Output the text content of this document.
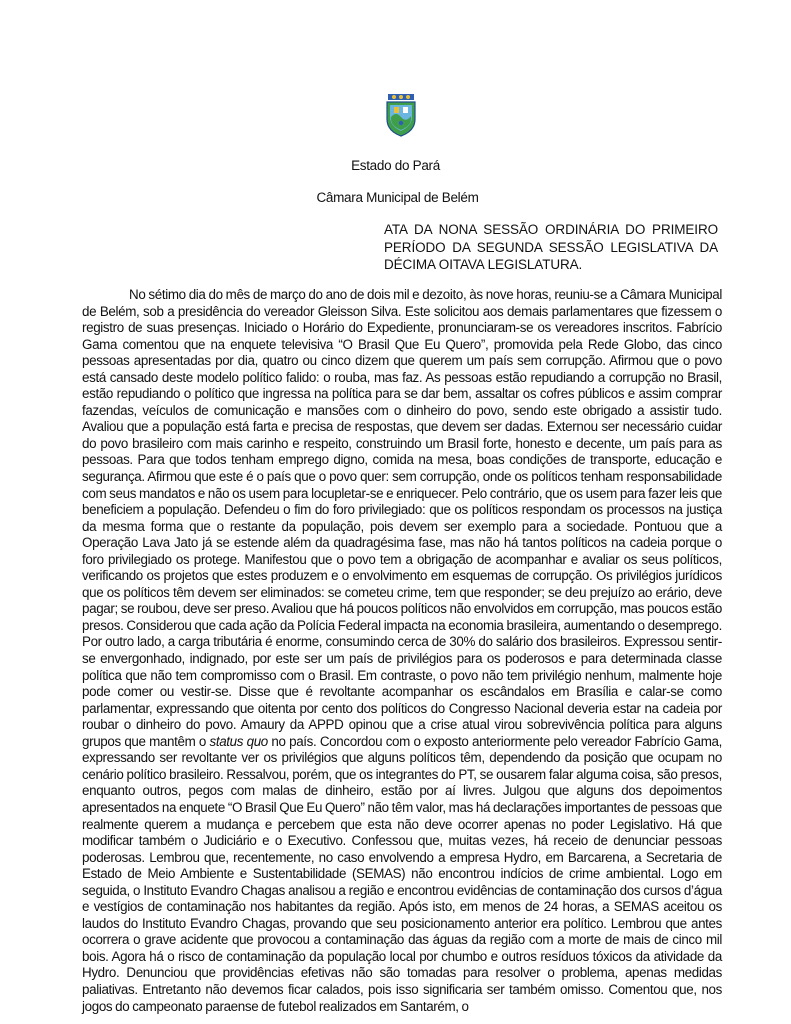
Estado do Pará
Câmara Municipal de Belém

ATA DA NONA SESSÃO ORDINÁRIA DO PRIMEIRO PERÍODO DA SEGUNDA SESSÃO LEGISLATIVA DA DÉCIMA OITAVA LEGISLATURA.

No sétimo dia do mês de março do ano de dois mil e dezoito, às nove horas, reuniu-se a Câmara Municipal de Belém, sob a presidência do vereador Gleisson Silva. Este solicitou aos demais parlamentares que fizessem o registro de suas presenças. Iniciado o Horário do Expediente, pronunciaram-se os vereadores inscritos. Fabrício Gama comentou que na enquete televisiva “O Brasil Que Eu Quero”, promovida pela Rede Globo, das cinco pessoas apresentadas por dia, quatro ou cinco dizem que querem um país sem corrupção. Afirmou que o povo está cansado deste modelo político falido: o rouba, mas faz. As pessoas estão repudiando a corrupção no Brasil, estão repudiando o político que ingressa na política para se dar bem, assaltar os cofres públicos e assim comprar fazendas, veículos de comunicação e mansões com o dinheiro do povo, sendo este obrigado a assistir tudo. Avaliou que a população está farta e precisa de respostas, que devem ser dadas. Externou ser necessário cuidar do povo brasileiro com mais carinho e respeito, construindo um Brasil forte, honesto e decente, um país para as pessoas. Para que todos tenham emprego digno, comida na mesa, boas condições de transporte, educação e segurança. Afirmou que este é o país que o povo quer: sem corrupção, onde os políticos tenham responsabilidade com seus mandatos e não os usem para locupletar-se e enriquecer. Pelo contrário, que os usem para fazer leis que beneficiem a população. Defendeu o fim do foro privilegiado: que os políticos respondam os processos na justiça da mesma forma que o restante da população, pois devem ser exemplo para a sociedade. Pontuou que a Operação Lava Jato já se estende além da quadragésima fase, mas não há tantos políticos na cadeia porque o foro privilegiado os protege. Manifestou que o povo tem a obrigação de acompanhar e avaliar os seus políticos, verificando os projetos que estes produzem e o envolvimento em esquemas de corrupção. Os privilégios jurídicos que os políticos têm devem ser eliminados: se cometeu crime, tem que responder; se deu prejuízo ao erário, deve pagar; se roubou, deve ser preso. Avaliou que há poucos políticos não envolvidos em corrupção, mas poucos estão presos. Considerou que cada ação da Polícia Federal impacta na economia brasileira, aumentando o desemprego. Por outro lado, a carga tributária é enorme, consumindo cerca de 30% do salário dos brasileiros. Expressou sentir-se envergonhado, indignado, por este ser um país de privilégios para os poderosos e para determinada classe política que não tem compromisso com o Brasil. Em contraste, o povo não tem privilégio nenhum, malmente hoje pode comer ou vestir-se. Disse que é revoltante acompanhar os escândalos em Brasília e calar-se como parlamentar, expressando que oitenta por cento dos políticos do Congresso Nacional deveria estar na cadeia por roubar o dinheiro do povo. Amaury da APPD opinou que a crise atual virou sobrevivência política para alguns grupos que mantêm o status quo no país. Concordou com o exposto anteriormente pelo vereador Fabrício Gama, expressando ser revoltante ver os privilégios que alguns políticos têm, dependendo da posição que ocupam no cenário político brasileiro. Ressalvou, porém, que os integrantes do PT, se ousarem falar alguma coisa, são presos, enquanto outros, pegos com malas de dinheiro, estão por aí livres. Julgou que alguns dos depoimentos apresentados na enquete “O Brasil Que Eu Quero” não têm valor, mas há declarações importantes de pessoas que realmente querem a mudança e percebem que esta não deve ocorrer apenas no poder Legislativo. Há que modificar também o Judiciário e o Executivo. Confessou que, muitas vezes, há receio de denunciar pessoas poderosas. Lembrou que, recentemente, no caso envolvendo a empresa Hydro, em Barcarena, a Secretaria de Estado de Meio Ambiente e Sustentabilidade (SEMAS) não encontrou indícios de crime ambiental. Logo em seguida, o Instituto Evandro Chagas analisou a região e encontrou evidências de contaminação dos cursos d’água e vestígios de contaminação nos habitantes da região. Após isto, em menos de 24 horas, a SEMAS aceitou os laudos do Instituto Evandro Chagas, provando que seu posicionamento anterior era político. Lembrou que antes ocorrera o grave acidente que provocou a contaminação das águas da região com a morte de mais de cinco mil bois. Agora há o risco de contaminação da população local por chumbo e outros resíduos tóxicos da atividade da Hydro. Denunciou que providências efetivas não são tomadas para resolver o problema, apenas medidas paliativas. Entretanto não devemos ficar calados, pois isso significaria ser também omisso. Comentou que, nos jogos do campeonato paraense de futebol realizados em Santarém, o
